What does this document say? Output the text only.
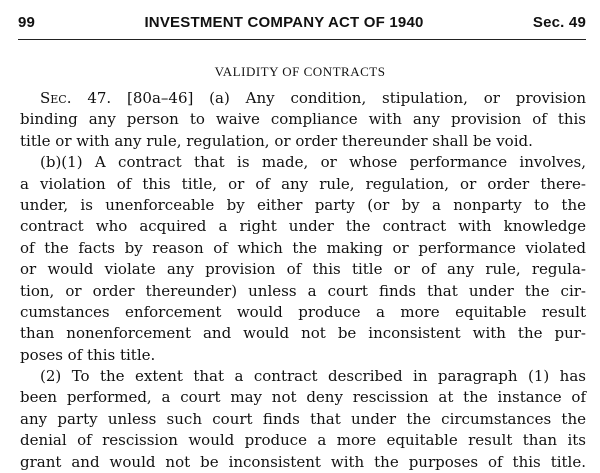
99	INVESTMENT COMPANY ACT OF 1940	Sec. 49
VALIDITY OF CONTRACTS
Sec. 47. [80a–46] (a) Any condition, stipulation, or provision
binding any person to waive compliance with any provision of this
title or with any rule, regulation, or order thereunder shall be void.
(b)(1) A contract that is made, or whose performance involves,
a violation of this title, or of any rule, regulation, or order there-
under, is unenforceable by either party (or by a nonparty to the
contract who acquired a right under the contract with knowledge
of the facts by reason of which the making or performance violated
or would violate any provision of this title or of any rule, regula-
tion, or order thereunder) unless a court finds that under the cir-
cumstances enforcement would produce a more equitable result
than nonenforcement and would not be inconsistent with the pur-
poses of this title.
(2) To the extent that a contract described in paragraph (1) has
been performed, a court may not deny rescission at the instance of
any party unless such court finds that under the circumstances the
denial of rescission would produce a more equitable result than its
grant and would not be inconsistent with the purposes of this title.
